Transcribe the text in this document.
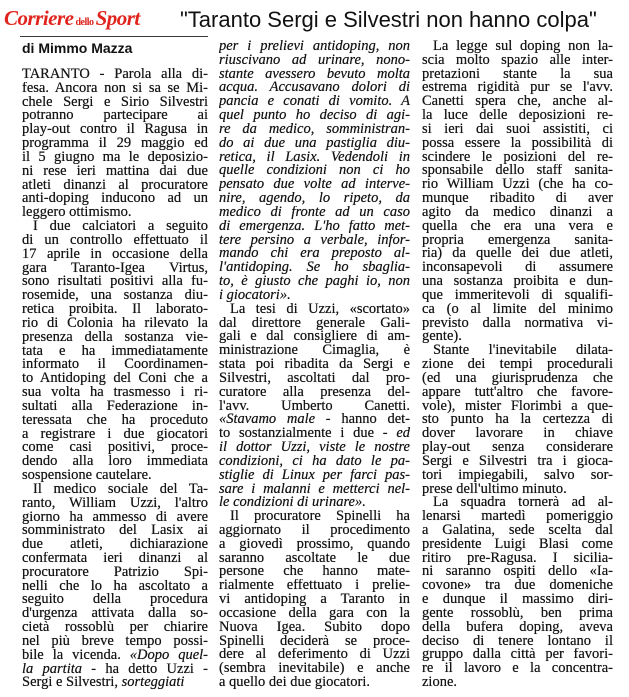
Corriere delloSport "Taranto Sergi e Silvestri non hanno colpa"
di Mimmo Mazza
TARANTO - Parola alla di-
fesa. Ancora non si sa se Mi-
chele Sergi e Sirio Silvestri
potranno partecipare ai
play-out contro il Ragusa in
programma il 29 maggio ed
il 5 giugno ma le deposizio-
ni rese ieri mattina dai due
atleti dinanzi al procuratore
anti-doping inducono ad un
leggero ottimismo.
I due calciatori a seguito
di un controllo effettuato il
17 aprile in occasione della
gara Taranto-Igea Virtus,
sono risultati positivi alla fu-
rosemide, una sostanza diu-
retica proibita. Il laborato-
rio di Colonia ha rilevato la
presenza della sostanza vie-
tata e ha immediatamente
informato il Coordinamen-
to Antidoping del Coni che a
sua volta ha trasmesso i ri-
sultati alla Federazione in-
teressata che ha proceduto
a registrare i due giocatori
come casi positivi, proce-
dendo alla loro immediata
sospensione cautelare.
Il medico sociale del Ta-
ranto, William Uzzi, l'altro
giorno ha ammesso di avere
somministrato del Lasix ai
due atleti, dichiarazione
confermata ieri dinanzi al
procuratore Patrizio Spi-
nelli che lo ha ascoltato a
seguito della procedura
d'urgenza attivata dalla so-
cietà rossoblù per chiarire
nel più breve tempo possi-
bile la vicenda. «Dopo quel-
la partita - ha detto Uzzi -
Sergi e Silvestri, sorteggiati
per i prelievi antidoping, non
riuscivano ad urinare, nono-
stante avessero bevuto molta
acqua. Accusavano dolori di
pancia e conati di vomito. A
quel punto ho deciso di agi-
re da medico, somministran-
do ai due una pastiglia diu-
retica, il Lasix. Vedendoli in
quelle condizioni non ci ho
pensato due volte ad interve-
nire, agendo, lo ripeto, da
medico di fronte ad un caso
di emergenza. L'ho fatto met-
tere persino a verbale, infor-
mando chi era preposto al-
l'antidoping. Se ho sbaglia-
to, è giusto che paghi io, non
i giocatori».
La tesi di Uzzi, «scortato»
dal direttore generale Gali-
gali e dal consigliere di am-
ministrazione Cimaglia, è
stata poi ribadita da Sergi e
Silvestri, ascoltati dal pro-
curatore alla presenza del-
l'avv. Umberto Canetti.
«Stavamo male - hanno det-
to sostanzialmente i due - ed
il dottor Uzzi, viste le nostre
condizioni, ci ha dato le pa-
stiglie di Linux per farci pas-
sare i malanni e metterci nel-
le condizioni di urinare».
Il procuratore Spinelli ha
aggiornato il procedimento
a giovedì prossimo, quando
saranno ascoltate le due
persone che hanno mate-
rialmente effettuato i prelie-
vi antidoping a Taranto in
occasione della gara con la
Nuova Igea. Subito dopo
Spinelli deciderà se proce-
dere al deferimento di Uzzi
(sembra inevitabile) e anche
a quello dei due giocatori.
La legge sul doping non la-
scia molto spazio alle inter-
pretazioni stante la sua
estrema rigidità pur se l'avv.
Canetti spera che, anche al-
la luce delle deposizioni re-
si ieri dai suoi assistiti, ci
possa essere la possibilità di
scindere le posizioni del re-
sponsabile dello staff sanita-
rio William Uzzi (che ha co-
munque ribadito di aver
agito da medico dinanzi a
quella che era una vera e
propria emergenza sanita-
ria) da quelle dei due atleti,
inconsapevoli di assumere
una sostanza proibita e dun-
que immeritevoli di squalifi-
ca (o al limite del minimo
previsto dalla normativa vi-
gente).
Stante l'inevitabile dilata-
zione dei tempi procedurali
(ed una giurisprudenza che
appare tutt'altro che favore-
vole), mister Florimbi a que-
sto punto ha la certezza di
dover lavorare in chiave
play-out senza considerare
Sergi e Silvestri tra i gioca-
tori impiegabili, salvo sor-
prese dell'ultimo minuto.
La squadra tornerà ad al-
lenarsi martedì pomeriggio
a Galatina, sede scelta dal
presidente Luigi Blasi come
ritiro pre-Ragusa. I sicilia-
ni saranno ospiti dello «Ia-
covone» tra due domeniche
e dunque il massimo diri-
gente rossoblù, ben prima
della bufera doping, aveva
deciso di tenere lontano il
gruppo dalla città per favori-
re il lavoro e la concentra-
zione.
